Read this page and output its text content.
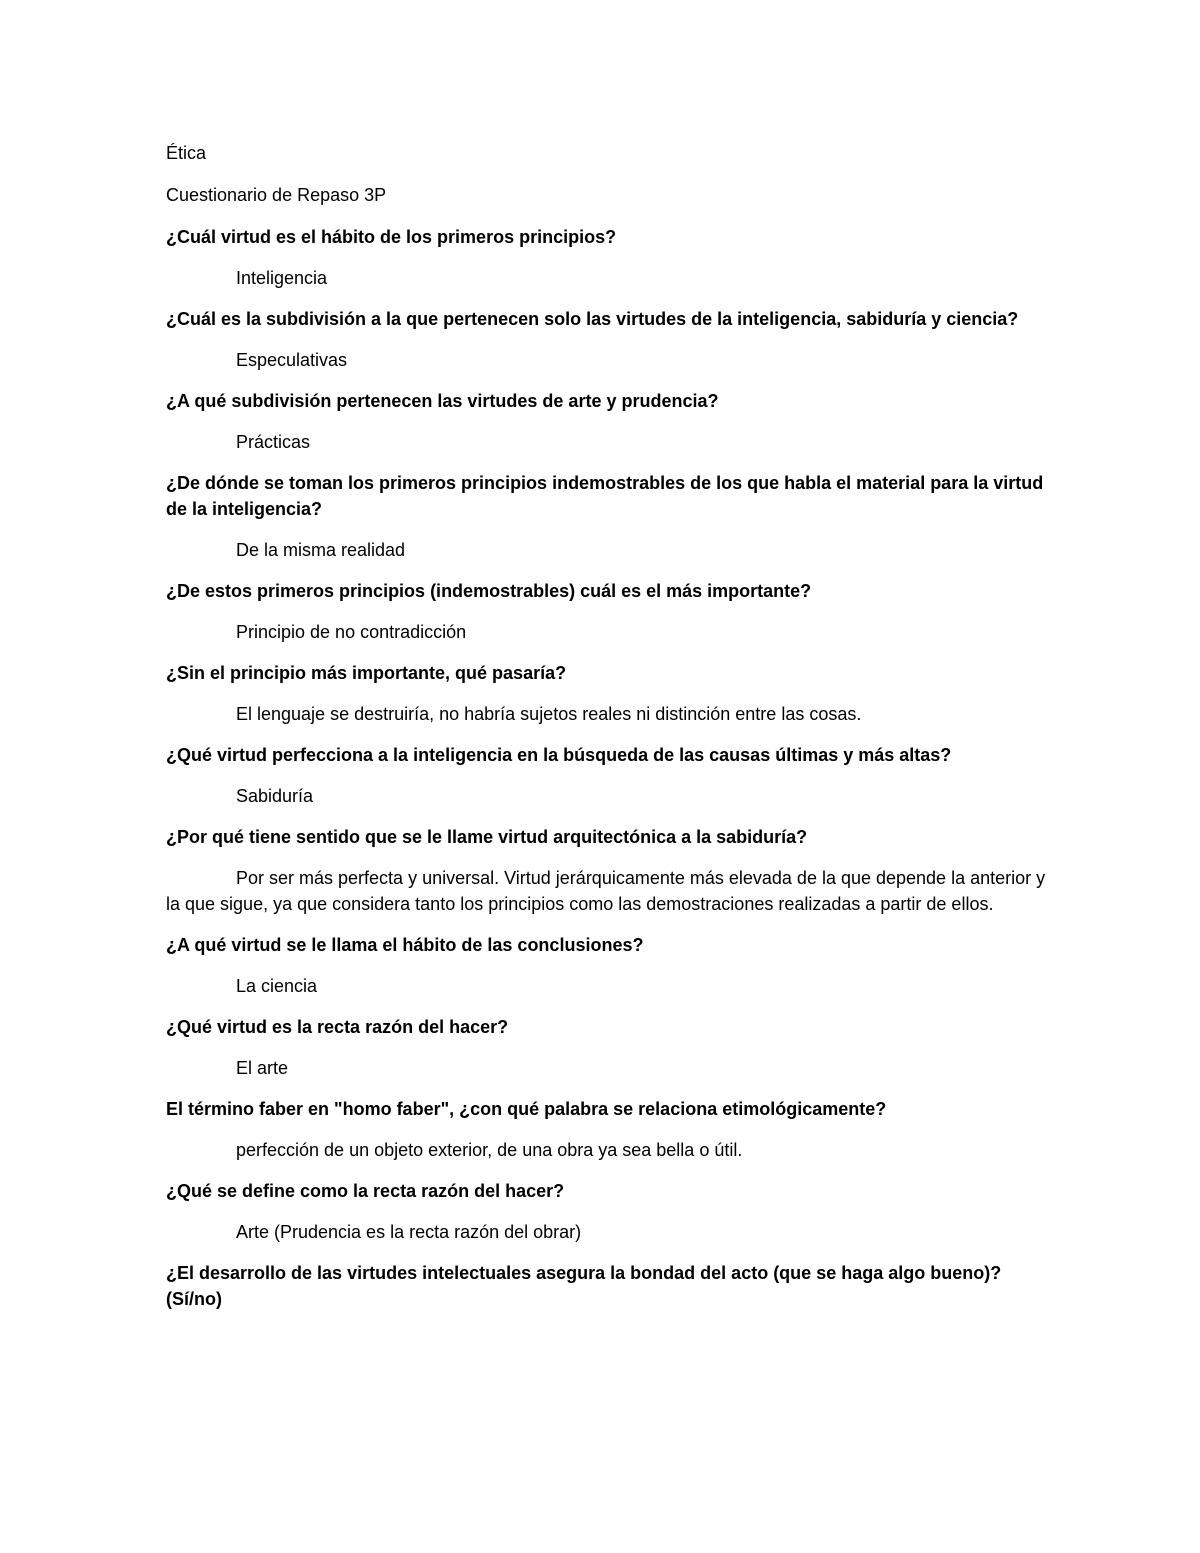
Ética

Cuestionario de Repaso 3P

¿Cuál virtud es el hábito de los primeros principios?

Inteligencia

¿Cuál es la subdivisión a la que pertenecen solo las virtudes de la inteligencia, sabiduría y ciencia?

Especulativas

¿A qué subdivisión pertenecen las virtudes de arte y prudencia?

Prácticas

¿De dónde se toman los primeros principios indemostrables de los que habla el material para la virtud de la inteligencia?

De la misma realidad

¿De estos primeros principios (indemostrables) cuál es el más importante?

Principio de no contradicción

¿Sin el principio más importante, qué pasaría?

El lenguaje se destruiría, no habría sujetos reales ni distinción entre las cosas.

¿Qué virtud perfecciona a la inteligencia en la búsqueda de las causas últimas y más altas?

Sabiduría

¿Por qué tiene sentido que se le llame virtud arquitectónica a la sabiduría?

Por ser más perfecta y universal. Virtud jerárquicamente más elevada de la que depende la anterior y la que sigue, ya que considera tanto los principios como las demostraciones realizadas a partir de ellos.

¿A qué virtud se le llama el hábito de las conclusiones?

La ciencia

¿Qué virtud es la recta razón del hacer?

El arte

El término faber en "homo faber", ¿con qué palabra se relaciona etimológicamente?

perfección de un objeto exterior, de una obra ya sea bella o útil.

¿Qué se define como la recta razón del hacer?

Arte (Prudencia es la recta razón del obrar)

¿El desarrollo de las virtudes intelectuales asegura la bondad del acto (que se haga algo bueno)? (Sí/no)
